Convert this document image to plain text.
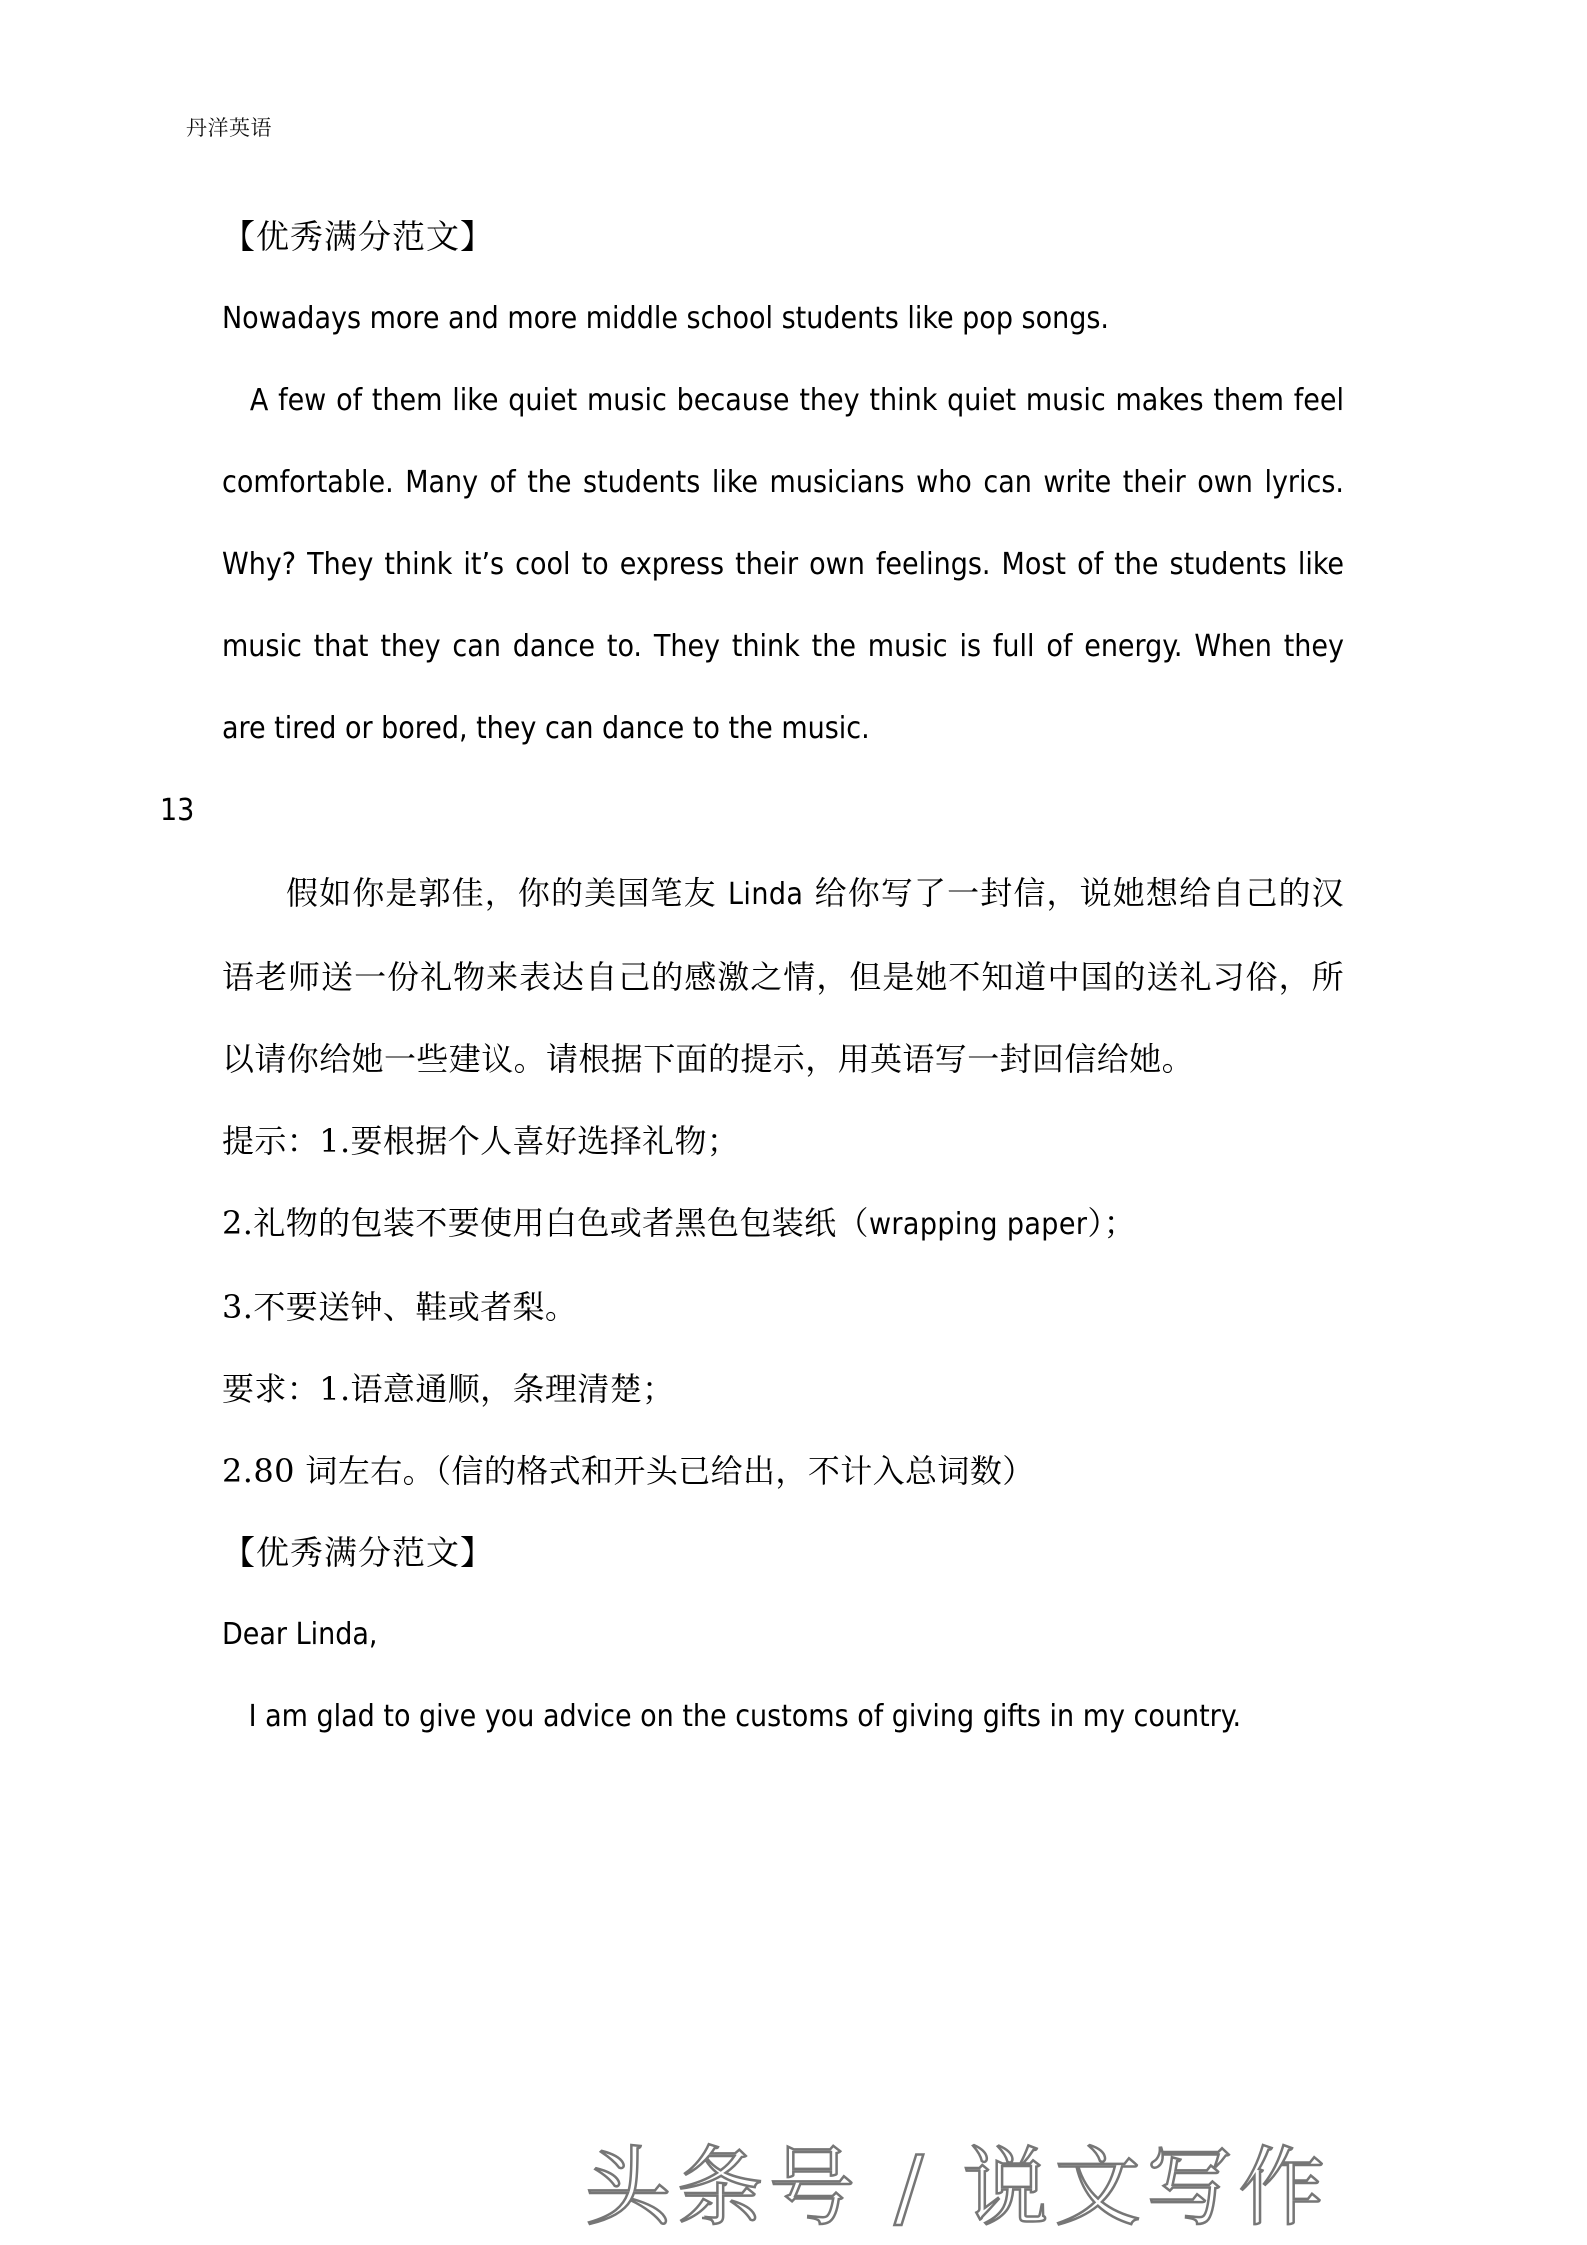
丹洋英语

【优秀满分范文】

Nowadays more and more middle school students like pop songs.

A few of them like quiet music because they think quiet music makes them feel comfortable. Many of the students like musicians who can write their own lyrics. Why? They think it’s cool to express their own feelings. Most of the students like music that they can dance to. They think the music is full of energy. When they are tired or bored, they can dance to the music.

13

假如你是郭佳，你的美国笔友 Linda 给你写了一封信，说她想给自己的汉语老师送一份礼物来表达自己的感激之情，但是她不知道中国的送礼习俗，所以请你给她一些建议。请根据下面的提示，用英语写一封回信给她。

提示：1.要根据个人喜好选择礼物；

2.礼物的包装不要使用白色或者黑色包装纸（wrapping paper）；

3.不要送钟、鞋或者梨。

要求：1.语意通顺，条理清楚；

2.80 词左右。（信的格式和开头已给出，不计入总词数）

【优秀满分范文】

Dear Linda,

I am glad to give you advice on the customs of giving gifts in my country.

头条号 / 说文写作
